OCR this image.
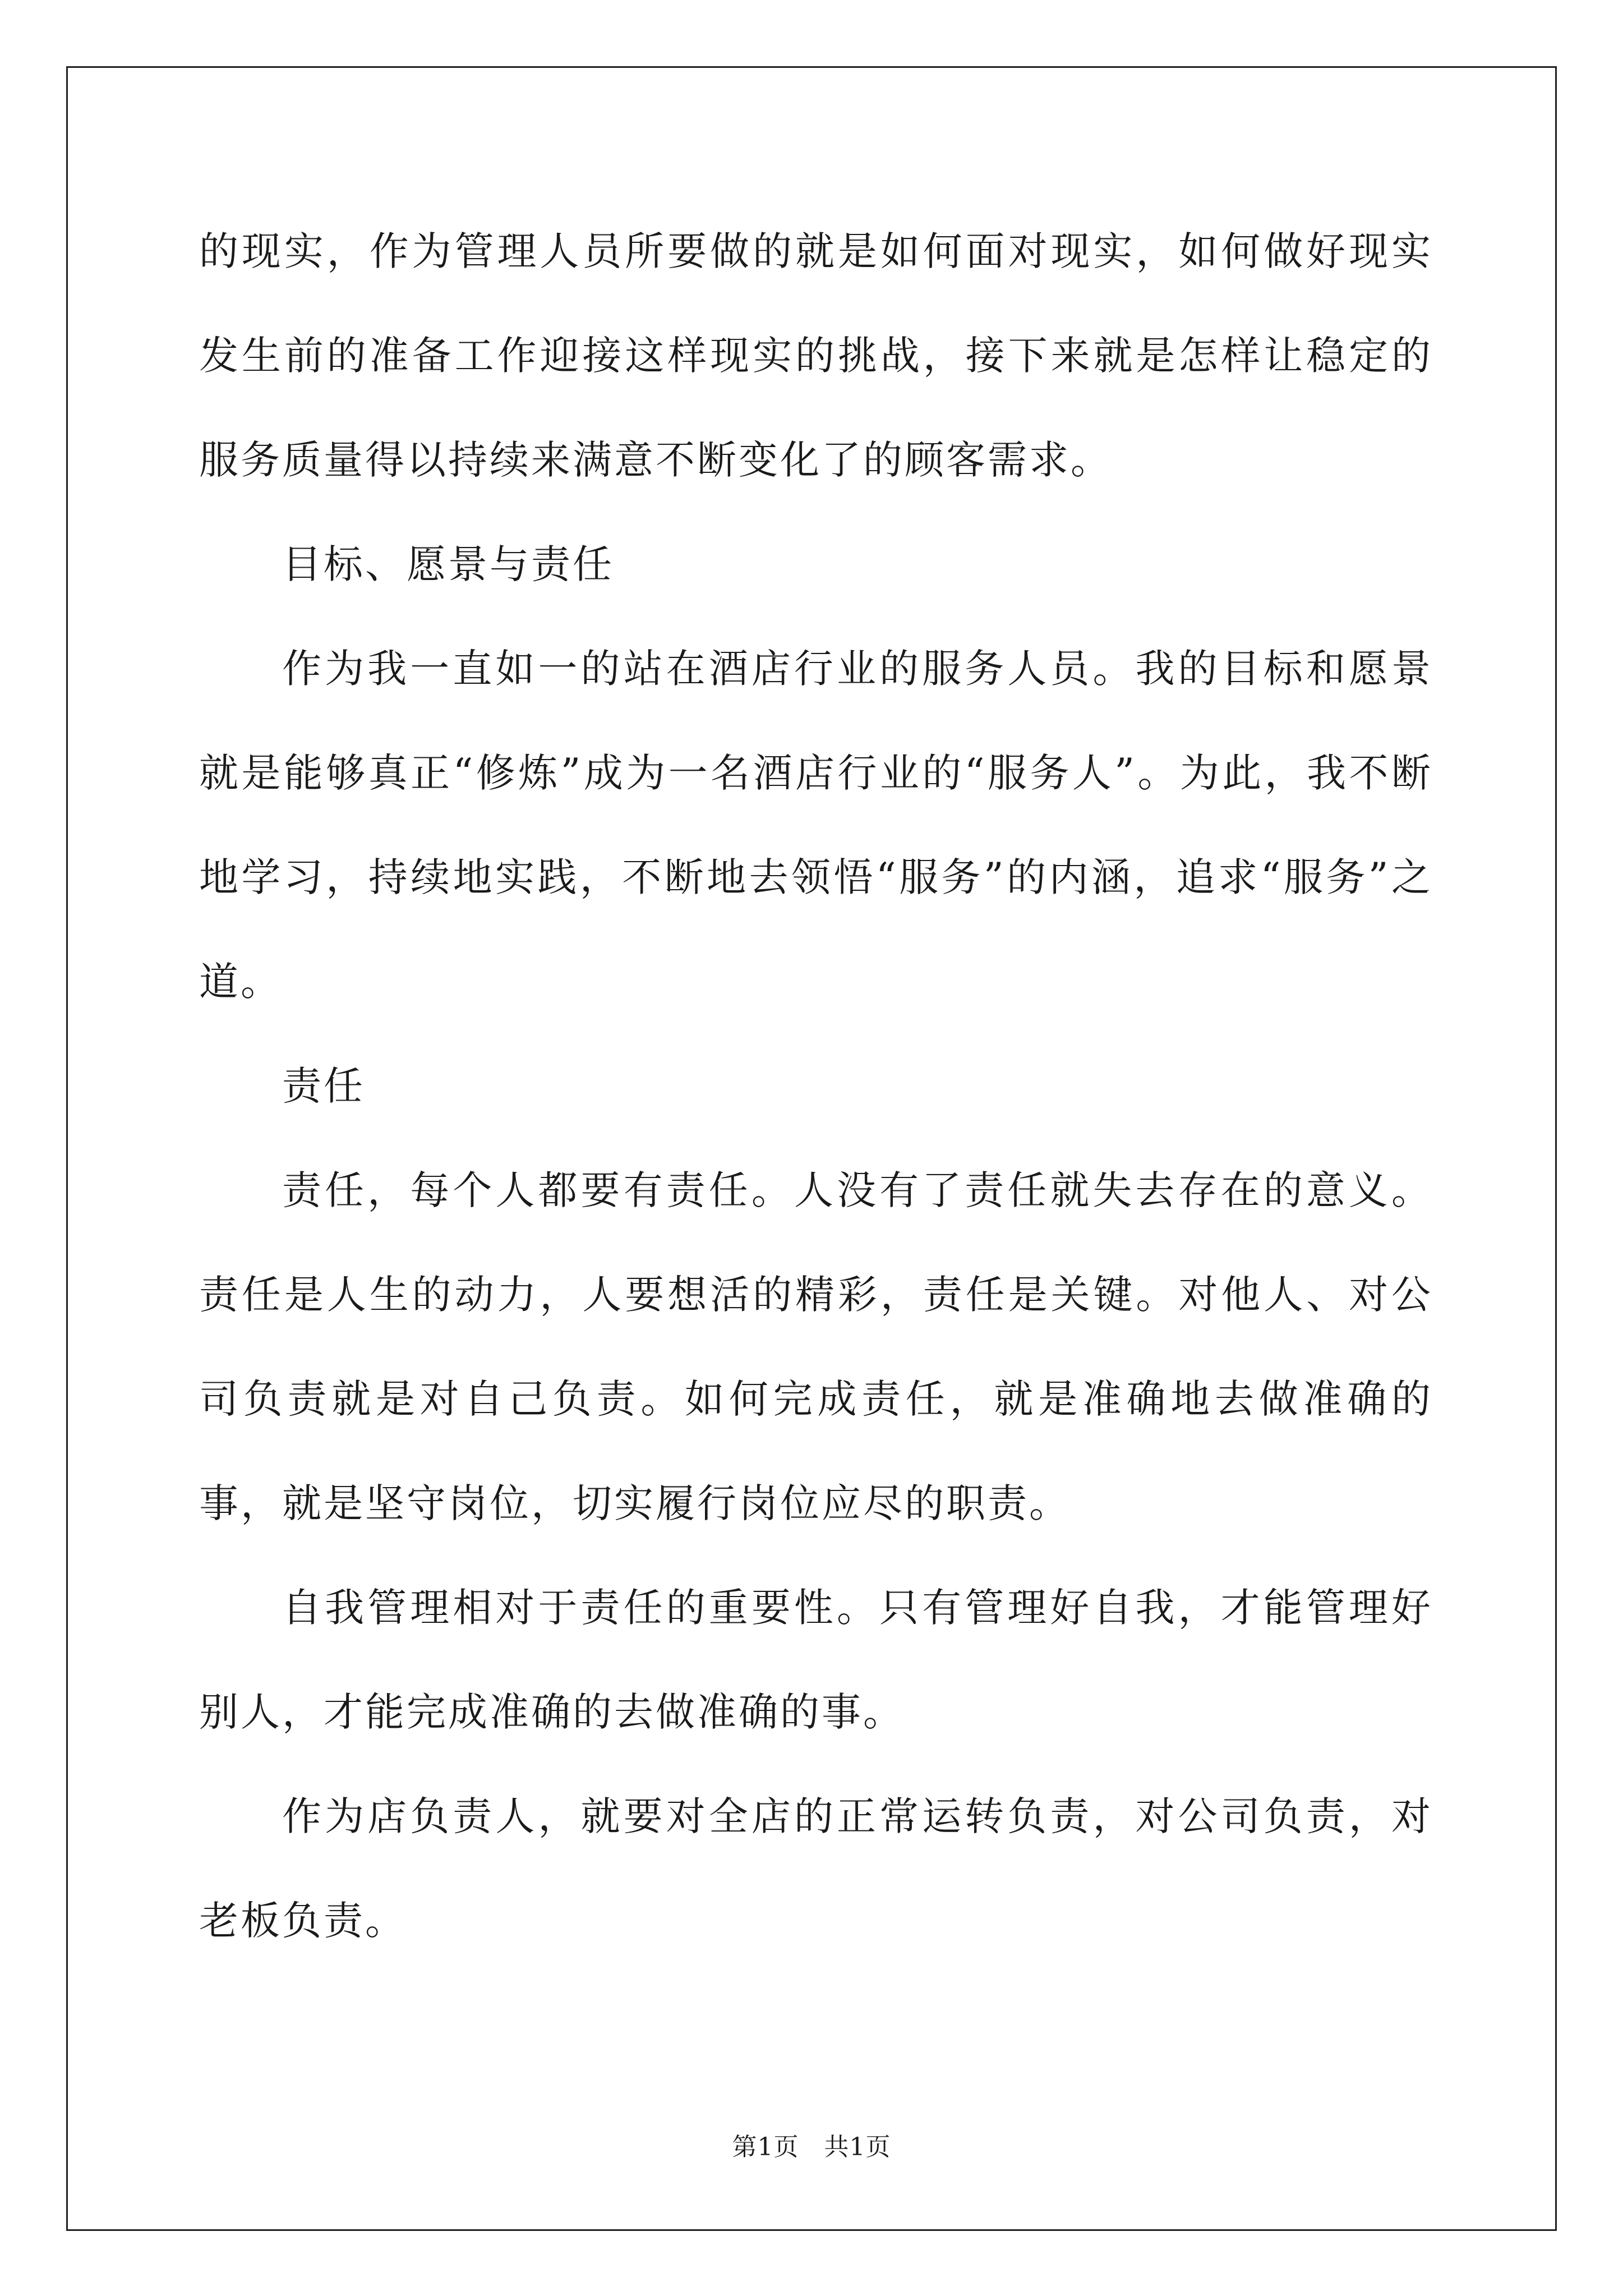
的现实，作为管理人员所要做的就是如何面对现实，如何做好现实发生前的准备工作迎接这样现实的挑战，接下来就是怎样让稳定的服务质量得以持续来满意不断变化了的顾客需求。

目标、愿景与责任

作为我一直如一的站在酒店行业的服务人员。我的目标和愿景就是能够真正“修炼”成为一名酒店行业的“服务人”。为此，我不断地学习，持续地实践，不断地去领悟“服务”的内涵，追求“服务”之道。

责任

责任，每个人都要有责任。人没有了责任就失去存在的意义。责任是人生的动力，人要想活的精彩，责任是关键。对他人、对公司负责就是对自己负责。如何完成责任，就是准确地去做准确的事，就是坚守岗位，切实履行岗位应尽的职责。

自我管理相对于责任的重要性。只有管理好自我，才能管理好别人，才能完成准确的去做准确的事。

作为店负责人，就要对全店的正常运转负责，对公司负责，对老板负责。

第1页 共1页
